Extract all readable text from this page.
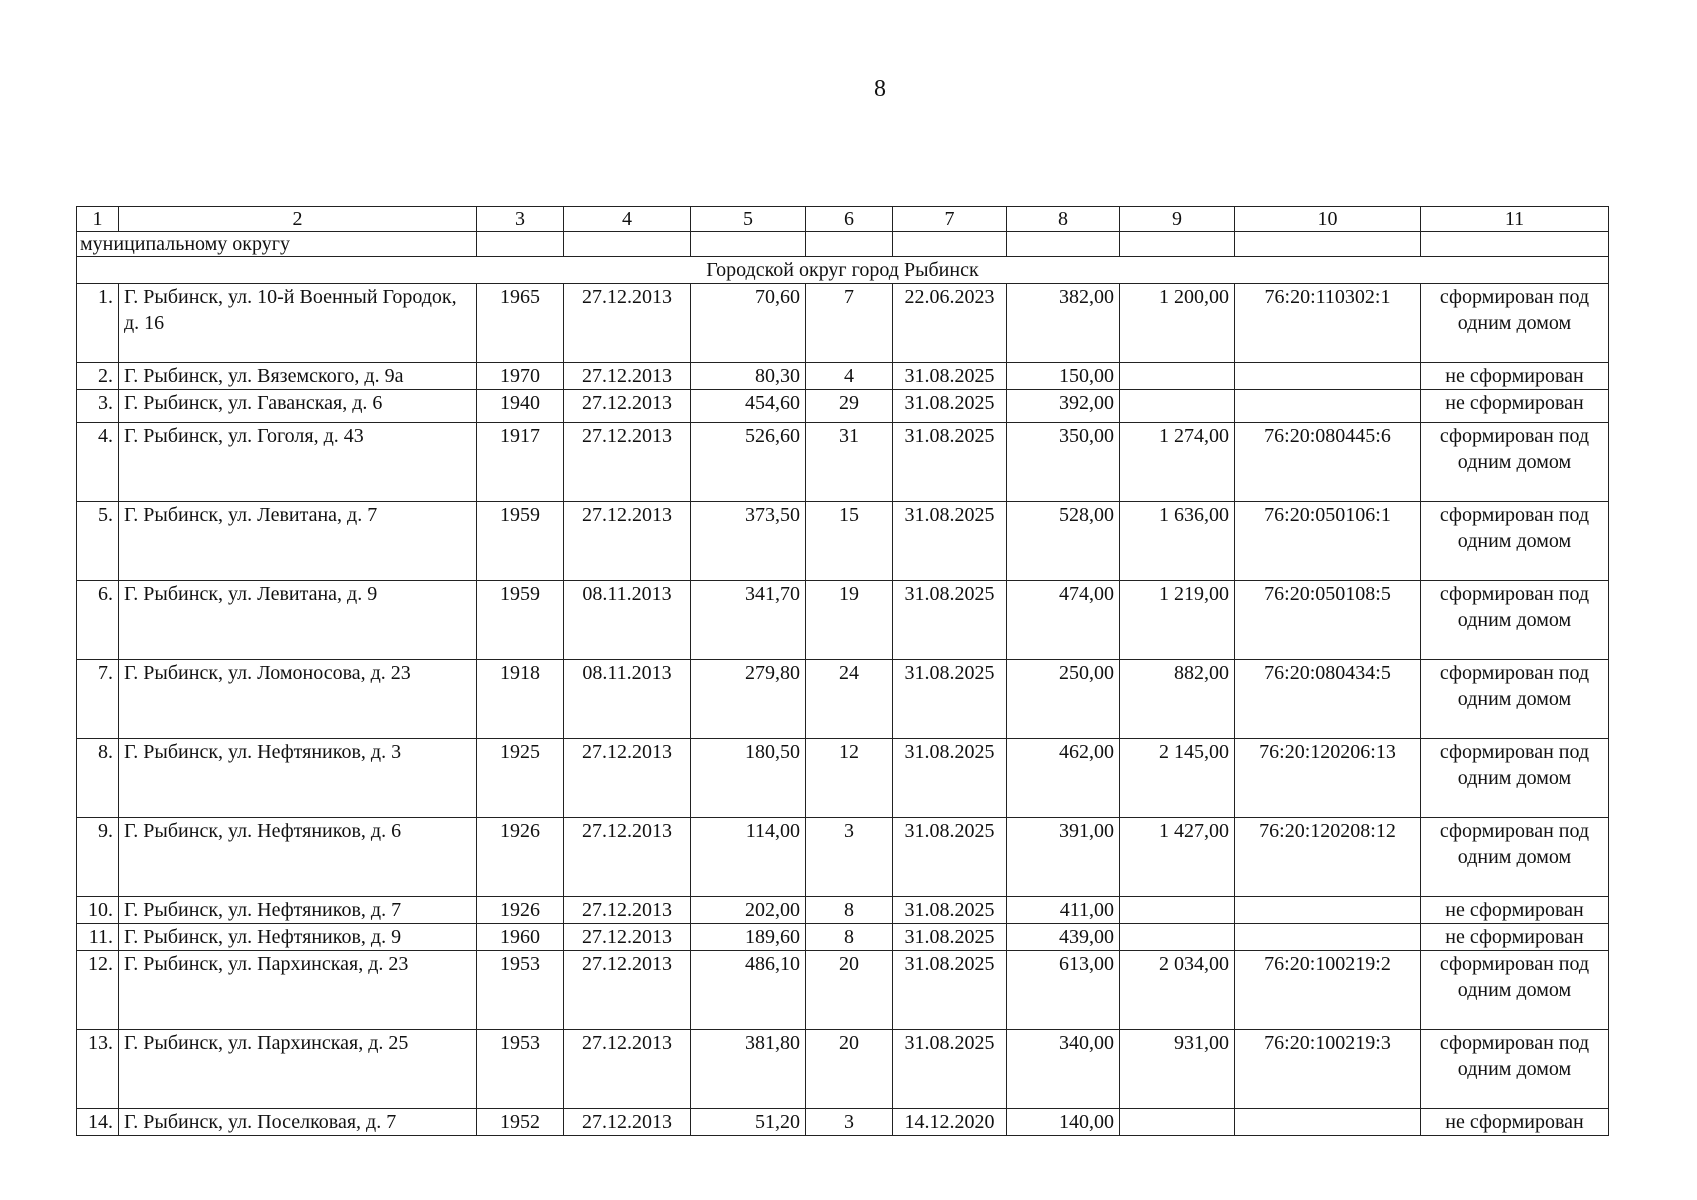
8
1	2	3	4	5	6	7	8	9	10	11
муниципальному округу										
Городской округ город Рыбинск										
1.	Г. Рыбинск, ул. 10-й Военный Городок, д. 16	1965	27.12.2013	70,60	7	22.06.2023	382,00	1 200,00	76:20:110302:1	сформирован под одним домом
2.	Г. Рыбинск, ул. Вяземского, д. 9а	1970	27.12.2013	80,30	4	31.08.2025	150,00			не сформирован
3.	Г. Рыбинск, ул. Гаванская, д. 6	1940	27.12.2013	454,60	29	31.08.2025	392,00			не сформирован
4.	Г. Рыбинск, ул. Гоголя, д. 43	1917	27.12.2013	526,60	31	31.08.2025	350,00	1 274,00	76:20:080445:6	сформирован под одним домом
5.	Г. Рыбинск, ул. Левитана, д. 7	1959	27.12.2013	373,50	15	31.08.2025	528,00	1 636,00	76:20:050106:1	сформирован под одним домом
6.	Г. Рыбинск, ул. Левитана, д. 9	1959	08.11.2013	341,70	19	31.08.2025	474,00	1 219,00	76:20:050108:5	сформирован под одним домом
7.	Г. Рыбинск, ул. Ломоносова, д. 23	1918	08.11.2013	279,80	24	31.08.2025	250,00	882,00	76:20:080434:5	сформирован под одним домом
8.	Г. Рыбинск, ул. Нефтяников, д. 3	1925	27.12.2013	180,50	12	31.08.2025	462,00	2 145,00	76:20:120206:13	сформирован под одним домом
9.	Г. Рыбинск, ул. Нефтяников, д. 6	1926	27.12.2013	114,00	3	31.08.2025	391,00	1 427,00	76:20:120208:12	сформирован под одним домом
10.	Г. Рыбинск, ул. Нефтяников, д. 7	1926	27.12.2013	202,00	8	31.08.2025	411,00			не сформирован
11.	Г. Рыбинск, ул. Нефтяников, д. 9	1960	27.12.2013	189,60	8	31.08.2025	439,00			не сформирован
12.	Г. Рыбинск, ул. Пархинская, д. 23	1953	27.12.2013	486,10	20	31.08.2025	613,00	2 034,00	76:20:100219:2	сформирован под одним домом
13.	Г. Рыбинск, ул. Пархинская, д. 25	1953	27.12.2013	381,80	20	31.08.2025	340,00	931,00	76:20:100219:3	сформирован под одним домом
14.	Г. Рыбинск, ул. Поселковая, д. 7	1952	27.12.2013	51,20	3	14.12.2020	140,00			не сформирован
